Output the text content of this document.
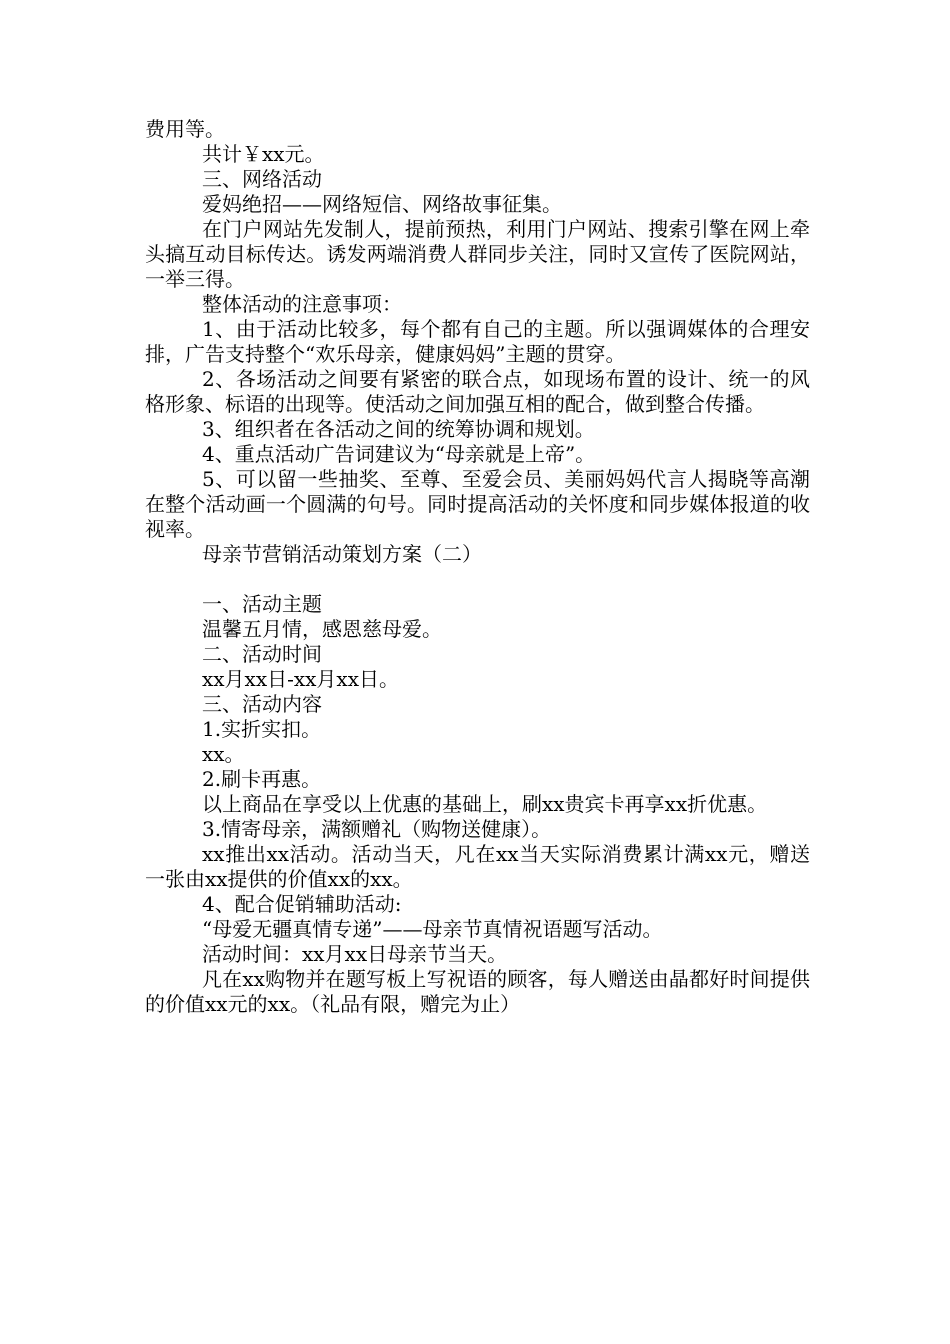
费用等。

共计￥xx元。

三、网络活动

爱妈绝招——网络短信、网络故事征集。

在门户网站先发制人，提前预热，利用门户网站、搜索引擎在网上牵头搞互动目标传达。诱发两端消费人群同步关注，同时又宣传了医院网站，一举三得。

整体活动的注意事项：

1、由于活动比较多，每个都有自己的主题。所以强调媒体的合理安排，广告支持整个“欢乐母亲，健康妈妈”主题的贯穿。

2、各场活动之间要有紧密的联合点，如现场布置的设计、统一的风格形象、标语的出现等。使活动之间加强互相的配合，做到整合传播。

3、组织者在各活动之间的统筹协调和规划。

4、重点活动广告词建议为“母亲就是上帝”。

5、可以留一些抽奖、至尊、至爱会员、美丽妈妈代言人揭晓等高潮在整个活动画一个圆满的句号。同时提高活动的关怀度和同步媒体报道的收视率。

母亲节营销活动策划方案（二）

一、活动主题

温馨五月情，感恩慈母爱。

二、活动时间

xx月xx日-xx月xx日。

三、活动内容

1.实折实扣。

xx。

2.刷卡再惠。

以上商品在享受以上优惠的基础上，刷xx贵宾卡再享xx折优惠。

3.情寄母亲，满额赠礼（购物送健康）。

xx推出xx活动。活动当天，凡在xx当天实际消费累计满xx元，赠送一张由xx提供的价值xx的xx。

4、配合促销辅助活动:

“母爱无疆真情专递”——母亲节真情祝语题写活动。

活动时间：xx月xx日母亲节当天。

凡在xx购物并在题写板上写祝语的顾客，每人赠送由晶都好时间提供的价值xx元的xx。（礼品有限，赠完为止）
